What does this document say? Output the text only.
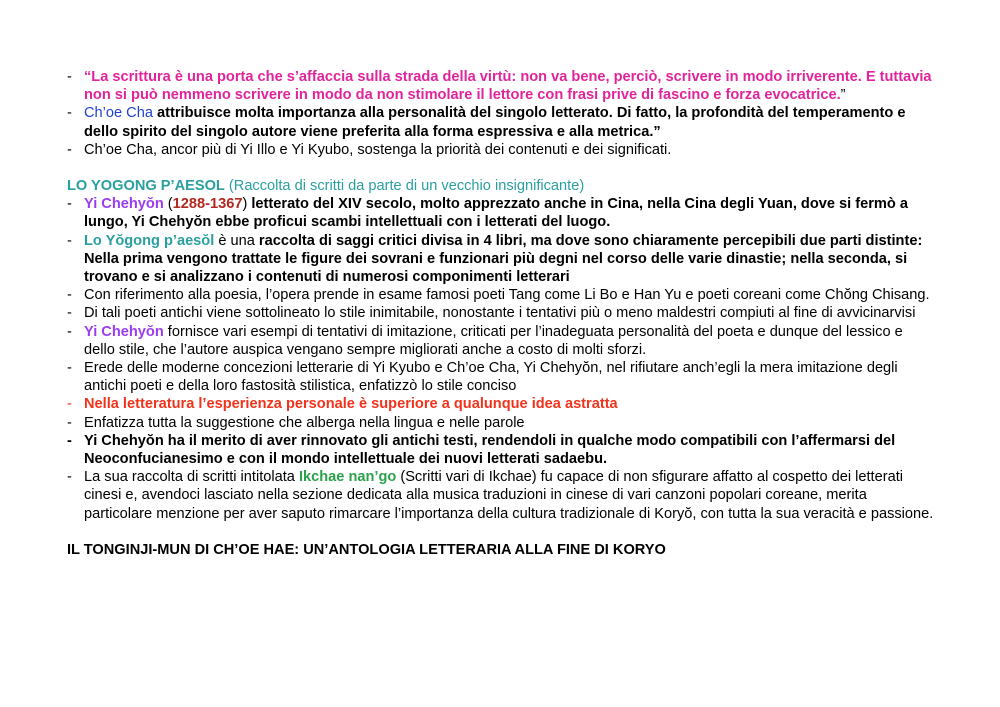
- “La scrittura è una porta che s’affaccia sulla strada della virtù: non va bene, perciò, scrivere in modo irriverente. E tuttavia non si può nemmeno scrivere in modo da non stimolare il lettore con frasi prive di fascino e forza evocatrice.”
- Ch’oe Cha attribuisce molta importanza alla personalità del singolo letterato. Di fatto, la profondità del temperamento e dello spirito del singolo autore viene preferita alla forma espressiva e alla metrica.”
- Ch’oe Cha, ancor più di Yi Illo e Yi Kyubo, sostenga la priorità dei contenuti e dei significati.
LO YOGONG P’AESOL (Raccolta di scritti da parte di un vecchio insignificante)
- Yi Chehyŏn (1288-1367) letterato del XIV secolo, molto apprezzato anche in Cina, nella Cina degli Yuan, dove si fermò a lungo, Yi Chehyŏn ebbe proficui scambi intellettuali con i letterati del luogo.
- Lo Yŏgong p’aesŏl è una raccolta di saggi critici divisa in 4 libri, ma dove sono chiaramente percepibili due parti distinte: Nella prima vengono trattate le figure dei sovrani e funzionari più degni nel corso delle varie dinastie; nella seconda, si trovano e si analizzano i contenuti di numerosi componimenti letterari
- Con riferimento alla poesia, l’opera prende in esame famosi poeti Tang come Li Bo e Han Yu e poeti coreani come Chŏng Chisang.
- Di tali poeti antichi viene sottolineato lo stile inimitabile, nonostante i tentativi più o meno maldestri compiuti al fine di avvicinarvisi
- Yi Chehyŏn fornisce vari esempi di tentativi di imitazione, criticati per l’inadeguata personalità del poeta e dunque del lessico e dello stile, che l’autore auspica vengano sempre migliorati anche a costo di molti sforzi.
- Erede delle moderne concezioni letterarie di Yi Kyubo e Ch’oe Cha, Yi Chehyŏn, nel rifiutare anch’egli la mera imitazione degli antichi poeti e della loro fastosità stilistica, enfatizzò lo stile conciso
- Nella letteratura l’esperienza personale è superiore a qualunque idea astratta
- Enfatizza tutta la suggestione che alberga nella lingua e nelle parole
- Yi Chehyŏn ha il merito di aver rinnovato gli antichi testi, rendendoli in qualche modo compatibili con l’affermarsi del Neoconfucianesimo e con il mondo intellettuale dei nuovi letterati sadaebu.
- La sua raccolta di scritti intitolata Ikchae nan’go (Scritti vari di Ikchae) fu capace di non sfigurare affatto al cospetto dei letterati cinesi e, avendoci lasciato nella sezione dedicata alla musica traduzioni in cinese di vari canzoni popolari coreane, merita particolare menzione per aver saputo rimarcare l’importanza della cultura tradizionale di Koryŏ, con tutta la sua veracità e passione.
IL TONGINJI-MUN DI CH’OE HAE: UN’ANTOLOGIA LETTERARIA ALLA FINE DI KORYO
